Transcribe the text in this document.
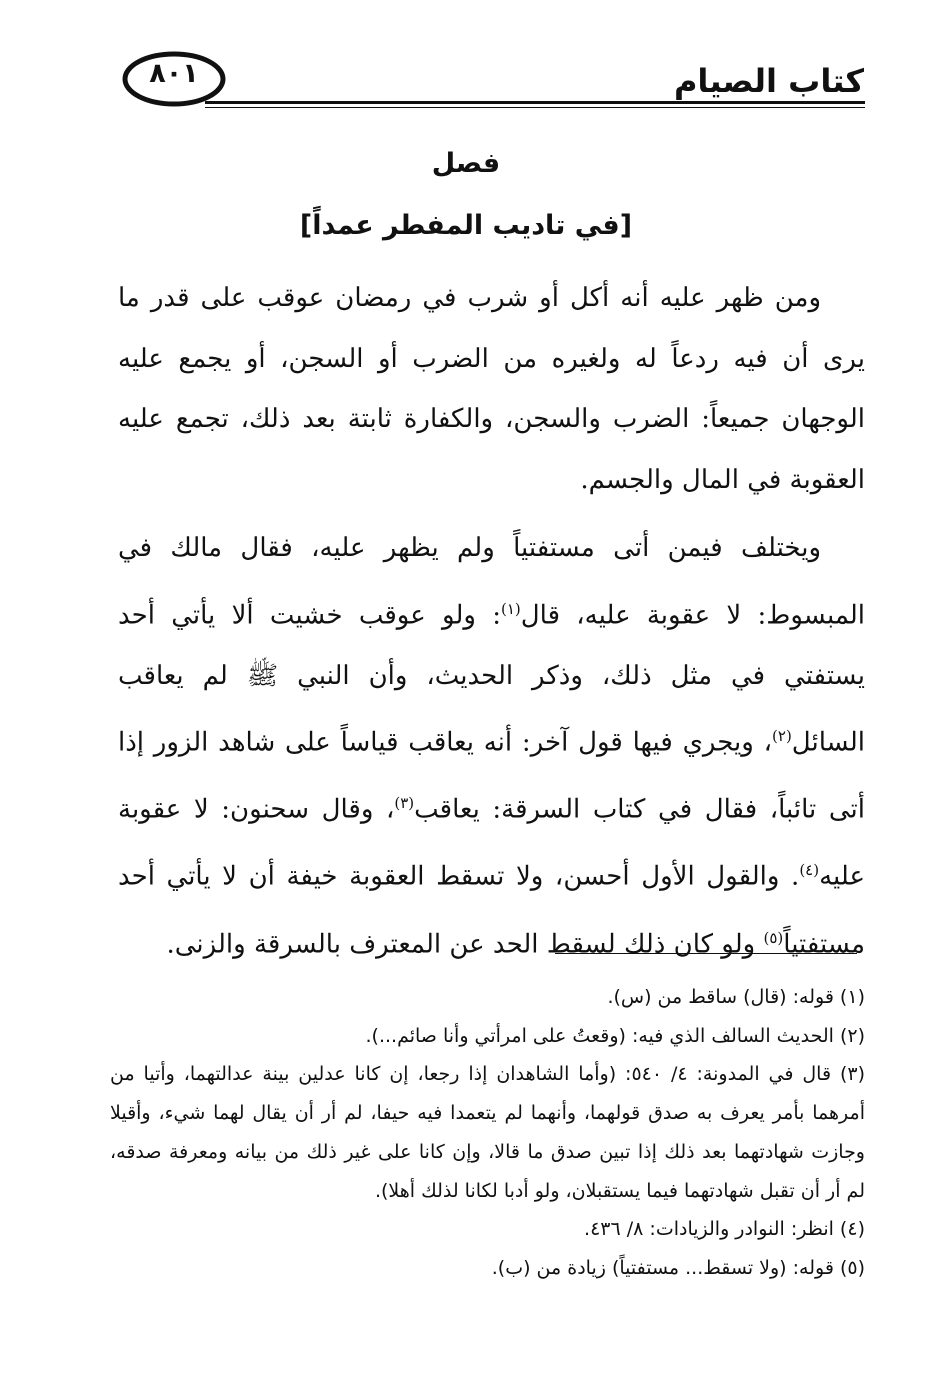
كتاب الصيام
٨٠١
فصل
[في تاديب المفطر عمداً]

ومن ظهر عليه أنه أكل أو شرب في رمضان عوقب على قدر ما يرى أن فيه ردعاً له ولغيره من الضرب أو السجن، أو يجمع عليه الوجهان جميعاً: الضرب والسجن، والكفارة ثابتة بعد ذلك، تجمع عليه العقوبة في المال والجسم.

ويختلف فيمن أتى مستفتياً ولم يظهر عليه، فقال مالك في المبسوط: لا عقوبة عليه، قال$^{(١)}$: ولو عوقب خشيت ألا يأتي أحد يستفتي في مثل ذلك، وذكر الحديث، وأن النبي ﷺ لم يعاقب السائل$^{(٢)}$، ويجري فيها قول آخر: أنه يعاقب قياساً على شاهد الزور إذا أتى تائباً، فقال في كتاب السرقة: يعاقب$^{(٣)}$، وقال سحنون: لا عقوبة عليه$^{(٤)}$. والقول الأول أحسن، ولا تسقط العقوبة خيفة أن لا يأتي أحد مستفتياً$^{(٥)}$ ولو كان ذلك لسقط الحد عن المعترف بالسرقة والزنى.

(١) قوله: (قال) ساقط من (س).

(٢) الحديث السالف الذي فيه: (وقعتُ على امرأتي وأنا صائم...).

(٣) قال في المدونة: ٤/ ٥٤٠: (وأما الشاهدان إذا رجعا، إن كانا عدلين بينة عدالتهما، وأتيا من أمرهما بأمر يعرف به صدق قولهما، وأنهما لم يتعمدا فيه حيفا، لم أر أن يقال لهما شيء، وأقيلا وجازت شهادتهما بعد ذلك إذا تبين صدق ما قالا، وإن كانا على غير ذلك من بيانه ومعرفة صدقه، لم أر أن تقبل شهادتهما فيما يستقبلان، ولو أدبا لكانا لذلك أهلا).

(٤) انظر: النوادر والزيادات: ٨/ ٤٣٦.

(٥) قوله: (ولا تسقط... مستفتياً) زيادة من (ب).
